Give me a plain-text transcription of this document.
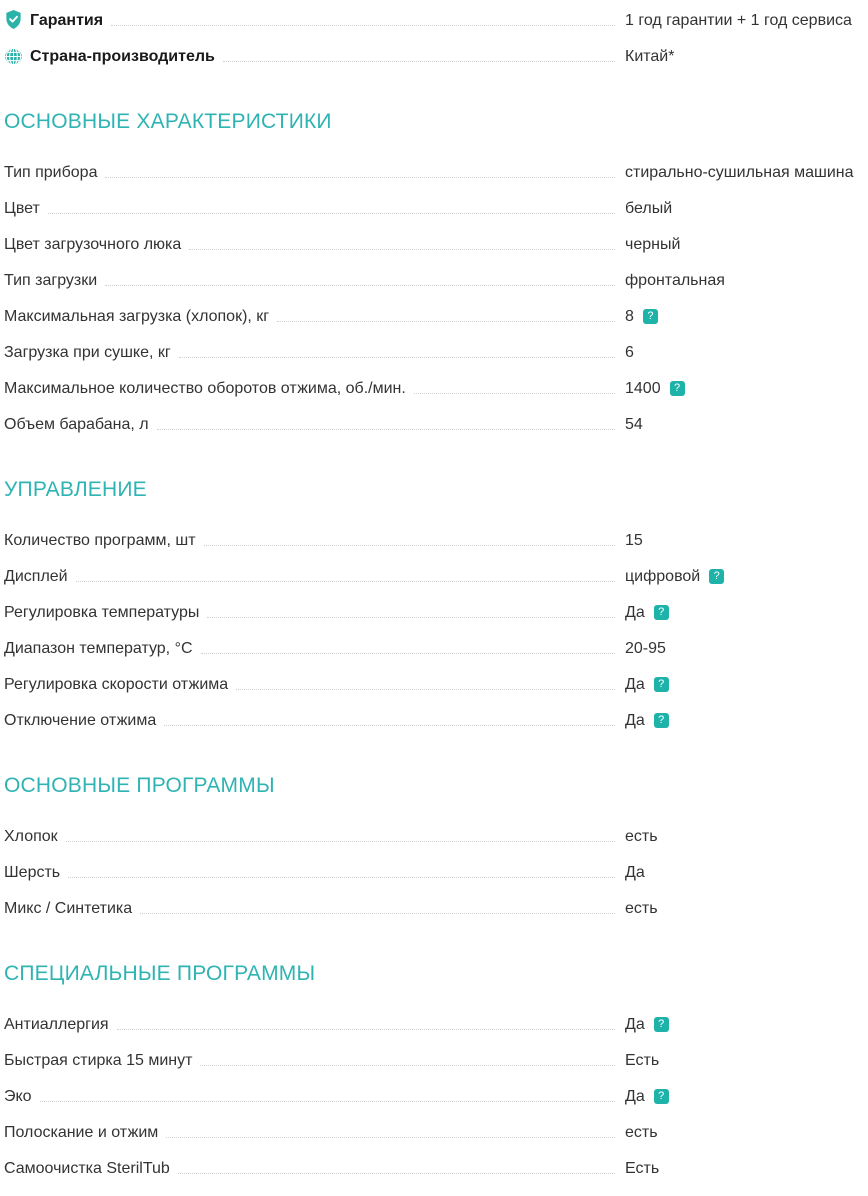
Гарантия	1 год гарантии + 1 год сервиса
Страна-производитель	Китай*
ОСНОВНЫЕ ХАРАКТЕРИСТИКИ
Тип прибора	стирально-сушильная машина
Цвет	белый
Цвет загрузочного люка	черный
Тип загрузки	фронтальная
Максимальная загрузка (хлопок), кг	8	?
Загрузка при сушке, кг	6
Максимальное количество оборотов отжима, об./мин.	1400	?
Объем барабана, л	54
УПРАВЛЕНИЕ
Количество программ, шт	15
Дисплей	цифровой	?
Регулировка температуры	Да	?
Диапазон температур, °С	20-95
Регулировка скорости отжима	Да	?
Отключение отжима	Да	?
ОСНОВНЫЕ ПРОГРАММЫ
Хлопок	есть
Шерсть	Да
Микс / Синтетика	есть
СПЕЦИАЛЬНЫЕ ПРОГРАММЫ
Антиаллергия	Да	?
Быстрая стирка 15 минут	Есть
Эко	Да	?
Полоскание и отжим	есть
Самоочистка SterilTub	Есть
